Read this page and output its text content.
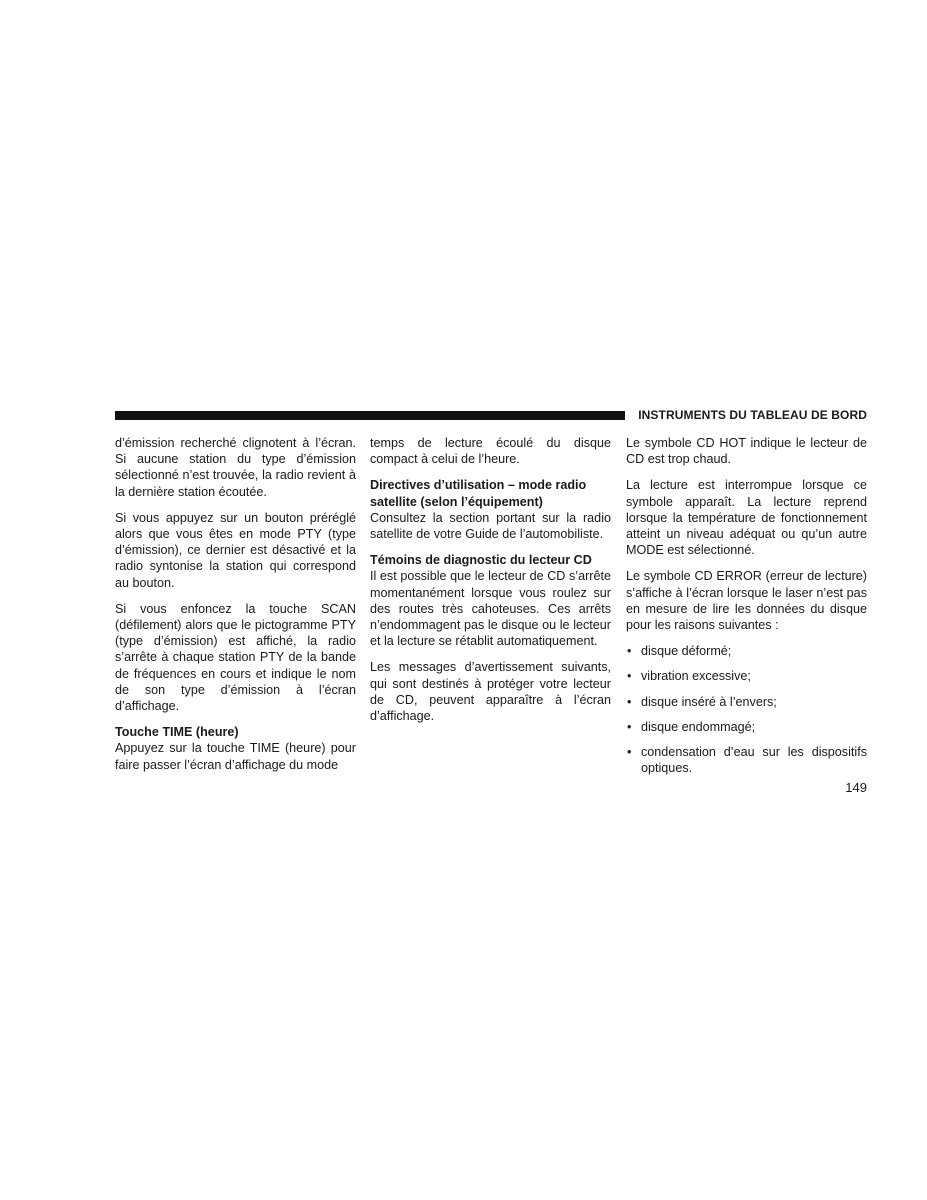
INSTRUMENTS DU TABLEAU DE BORD

d’émission recherché clignotent à l’écran. Si aucune station du type d’émission sélectionné n’est trouvée, la radio revient à la dernière station écoutée.

Si vous appuyez sur un bouton préréglé alors que vous êtes en mode PTY (type d’émission), ce dernier est désactivé et la radio syntonise la station qui correspond au bouton.

Si vous enfoncez la touche SCAN (défilement) alors que le pictogramme PTY (type d’émission) est affiché, la radio s’arrête à chaque station PTY de la bande de fréquences en cours et indique le nom de son type d’émission à l’écran d’affichage.

Touche TIME (heure)

Appuyez sur la touche TIME (heure) pour faire passer l’écran d’affichage du mode

temps de lecture écoulé du disque compact à celui de l’heure.

Directives d’utilisation – mode radio satellite (selon l’équipement)

Consultez la section portant sur la radio satellite de votre Guide de l’automobiliste.

Témoins de diagnostic du lecteur CD

Il est possible que le lecteur de CD s’arrête momentanément lorsque vous roulez sur des routes très cahoteuses. Ces arrêts n’endommagent pas le disque ou le lecteur et la lecture se rétablit automatiquement.

Les messages d’avertissement suivants, qui sont destinés à protéger votre lecteur de CD, peuvent apparaître à l’écran d’affichage.

Le symbole CD HOT indique le lecteur de CD est trop chaud.

La lecture est interrompue lorsque ce symbole apparaît. La lecture reprend lorsque la température de fonctionnement atteint un niveau adéquat ou qu’un autre MODE est sélectionné.

Le symbole CD ERROR (erreur de lecture) s’affiche à l’écran lorsque le laser n’est pas en mesure de lire les données du disque pour les raisons suivantes :

• disque déformé;
• vibration excessive;
• disque inséré à l’envers;
• disque endommagé;
• condensation d’eau sur les dispositifs optiques.
149
